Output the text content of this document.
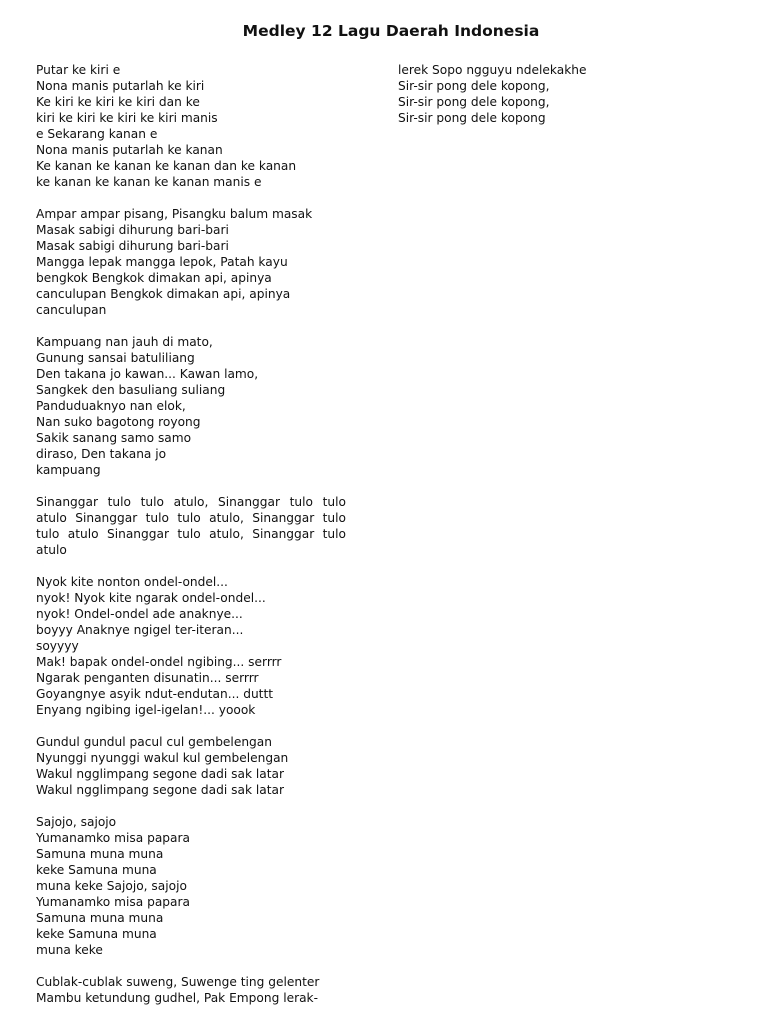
Medley 12 Lagu Daerah Indonesia
Putar ke kiri e
Nona manis putarlah ke kiri
Ke kiri ke kiri ke kiri dan ke
kiri ke kiri ke kiri ke kiri manis
e Sekarang kanan e
Nona manis putarlah ke kanan
Ke kanan ke kanan ke kanan dan ke kanan
ke kanan ke kanan ke kanan manis e
Ampar ampar pisang, Pisangku balum masak
Masak sabigi dihurung bari-bari
Masak sabigi dihurung bari-bari
Mangga lepak mangga lepok, Patah kayu
bengkok Bengkok dimakan api, apinya
canculupan Bengkok dimakan api, apinya
canculupan
Kampuang nan jauh di mato,
Gunung sansai batuliliang
Den takana jo kawan... Kawan lamo,
Sangkek den basuliang suliang
Panduduaknyo nan elok,
Nan suko bagotong royong
Sakik sanang samo samo
diraso, Den takana jo
kampuang
Sinanggar tulo tulo atulo, Sinanggar tulo tulo
atulo Sinanggar tulo tulo atulo, Sinanggar tulo
tulo atulo Sinanggar tulo atulo, Sinanggar tulo
atulo
Nyok kite nonton ondel-ondel...
nyok! Nyok kite ngarak ondel-ondel...
nyok! Ondel-ondel ade anaknye...
boyyy Anaknye ngigel ter-iteran...
soyyyy
Mak! bapak ondel-ondel ngibing... serrrr
Ngarak penganten disunatin... serrrr
Goyangnye asyik ndut-endutan... duttt
Enyang ngibing igel-igelan!... yoook
Gundul gundul pacul cul gembelengan
Nyunggi nyunggi wakul kul gembelengan
Wakul ngglimpang segone dadi sak latar
Wakul ngglimpang segone dadi sak latar
Sajojo, sajojo
Yumanamko misa papara
Samuna muna muna
keke Samuna muna
muna keke Sajojo, sajojo
Yumanamko misa papara
Samuna muna muna
keke Samuna muna
muna keke
Cublak-cublak suweng, Suwenge ting gelenter
Mambu ketundung gudhel, Pak Empong lerak-
lerek Sopo ngguyu ndelekakhe
Sir-sir pong dele kopong,
Sir-sir pong dele kopong,
Sir-sir pong dele kopong
